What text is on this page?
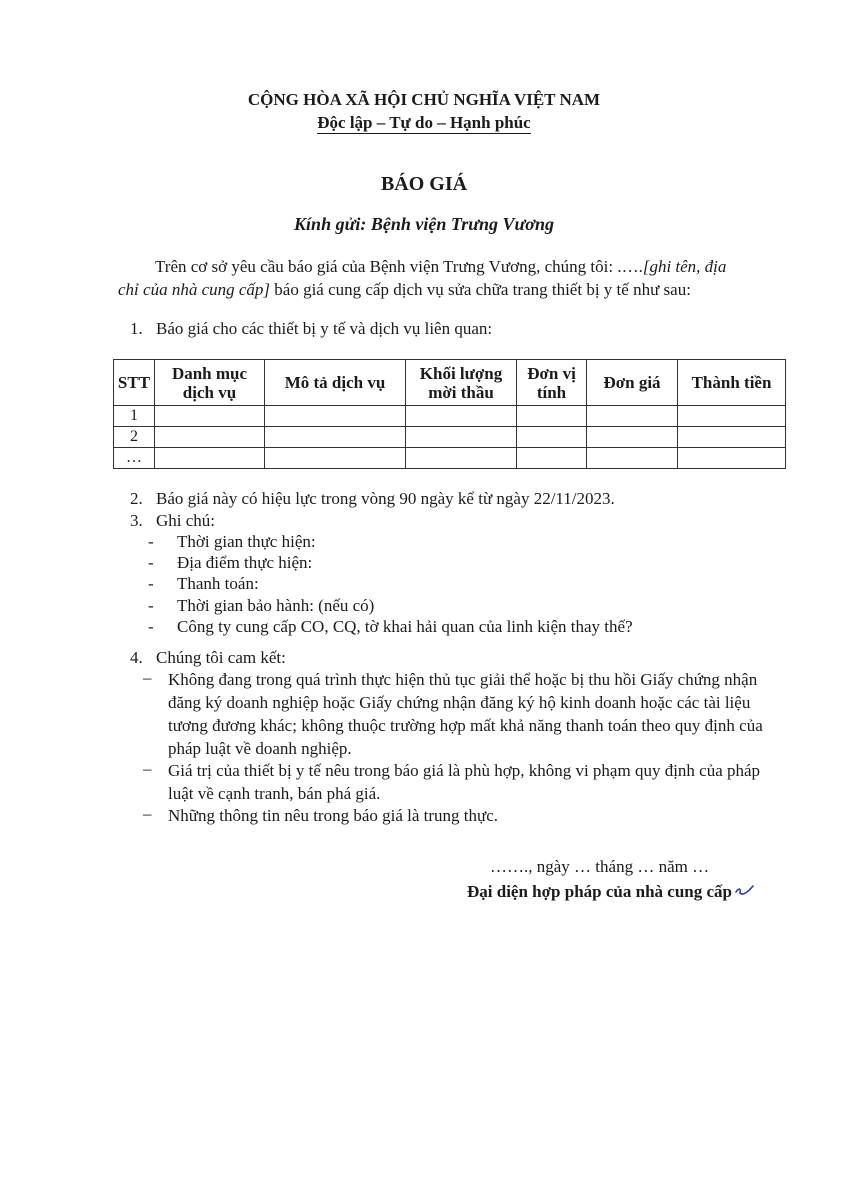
CỘNG HÒA XÃ HỘI CHỦ NGHĨA VIỆT NAM
Độc lập – Tự do – Hạnh phúc
BÁO GIÁ
Kính gửi: Bệnh viện Trưng Vương
Trên cơ sở yêu cầu báo giá của Bệnh viện Trưng Vương, chúng tôi: .….[ghi tên, địa
chỉ của nhà cung cấp] báo giá cung cấp dịch vụ sửa chữa trang thiết bị y tế như sau:
1. Báo giá cho các thiết bị y tế và dịch vụ liên quan:
STT	Danh mục dịch vụ	Mô tả dịch vụ	Khối lượng mời thầu	Đơn vị tính	Đơn giá	Thành tiền
1						
2						
…						
2. Báo giá này có hiệu lực trong vòng 90 ngày kể từ ngày 22/11/2023.
3. Ghi chú:
- Thời gian thực hiện:
- Địa điểm thực hiện:
- Thanh toán:
- Thời gian bảo hành: (nếu có)
- Công ty cung cấp CO, CQ, tờ khai hải quan của linh kiện thay thế?
4. Chúng tôi cam kết:
– Không đang trong quá trình thực hiện thủ tục giải thể hoặc bị thu hồi Giấy chứng nhận đăng ký doanh nghiệp hoặc Giấy chứng nhận đăng ký hộ kinh doanh hoặc các tài liệu tương đương khác; không thuộc trường hợp mất khả năng thanh toán theo quy định của pháp luật về doanh nghiệp.
– Giá trị của thiết bị y tế nêu trong báo giá là phù hợp, không vi phạm quy định của pháp luật về cạnh tranh, bán phá giá.
– Những thông tin nêu trong báo giá là trung thực.
……., ngày … tháng … năm …
Đại diện hợp pháp của nhà cung cấp
